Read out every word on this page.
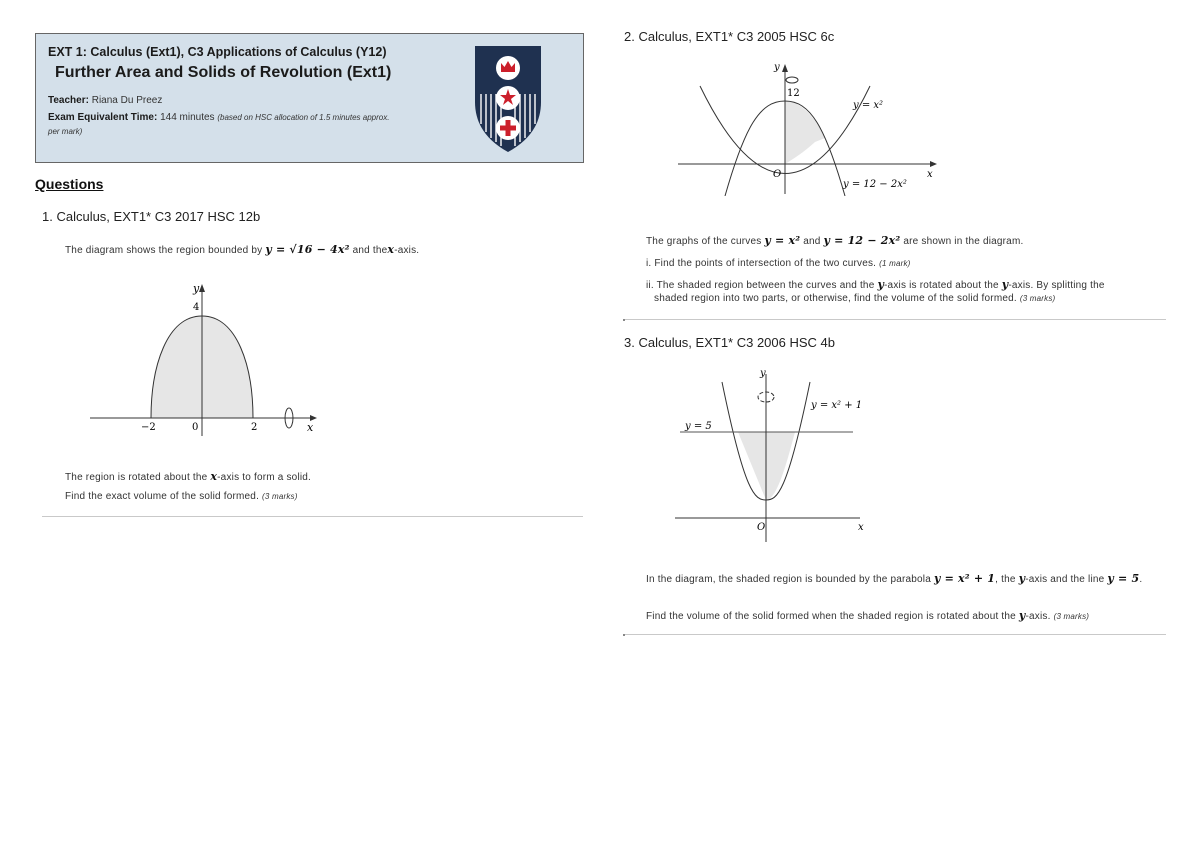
EXT 1: Calculus (Ext1), C3 Applications of Calculus (Y12)
Further Area and Solids of Revolution (Ext1)
Teacher: Riana Du Preez
Exam Equivalent Time: 144 minutes (based on HSC allocation of 1.5 minutes approx.
per mark)
Questions
1. Calculus, EXT1* C3 2017 HSC 12b
The diagram shows the region bounded by y = √16 − 4x² and thex-axis.
y
x
4
−2	0	2
The region is rotated about the x-axis to form a solid.
Find the exact volume of the solid formed. (3 marks)
2. Calculus, EXT1* C3 2005 HSC 6c
y
x
O
12
y = x²
y = 12 − 2x²
The graphs of the curves y = x² and y = 12 − 2x² are shown in the diagram.
i. Find the points of intersection of the two curves. (1 mark)
ii. The shaded region between the curves and the y-axis is rotated about the y-axis. By splitting the
shaded region into two parts, or otherwise, find the volume of the solid formed. (3 marks)
3. Calculus, EXT1* C3 2006 HSC 4b
y
x
O
y = 5
y = x² + 1
In the diagram, the shaded region is bounded by the parabola y = x² + 1, the y-axis and the line y = 5.
Find the volume of the solid formed when the shaded region is rotated about the y-axis. (3 marks)
